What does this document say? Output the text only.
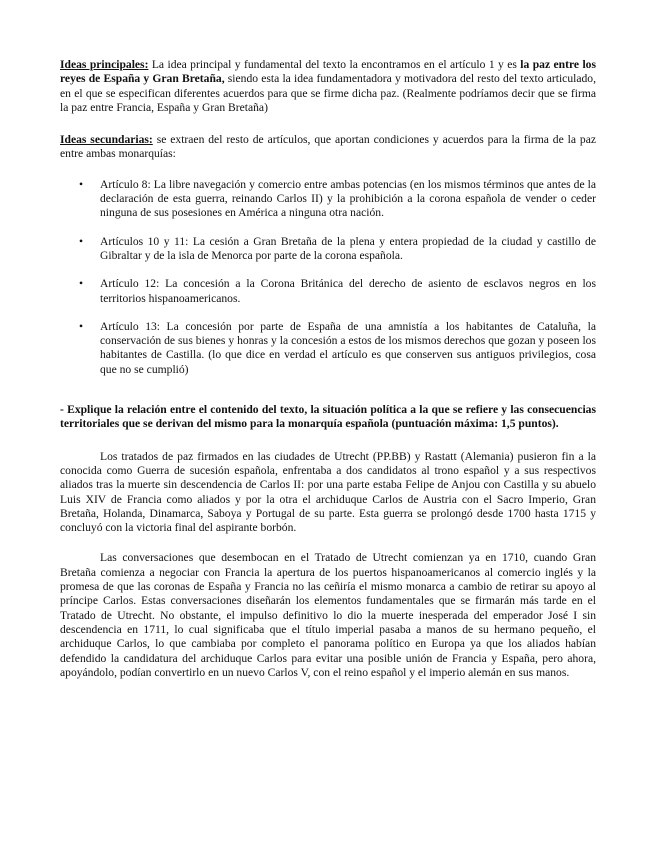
Ideas principales: La idea principal y fundamental del texto la encontramos en el artículo 1 y es la paz entre los reyes de España y Gran Bretaña, siendo esta la idea fundamentadora y motivadora del resto del texto articulado, en el que se especifican diferentes acuerdos para que se firme dicha paz. (Realmente podríamos decir que se firma la paz entre Francia, España y Gran Bretaña)

Ideas secundarias: se extraen del resto de artículos, que aportan condiciones y acuerdos para la firma de la paz entre ambas monarquías:

• Artículo 8: La libre navegación y comercio entre ambas potencias (en los mismos términos que antes de la declaración de esta guerra, reinando Carlos II) y la prohibición a la corona española de vender o ceder ninguna de sus posesiones en América a ninguna otra nación.
• Artículos 10 y 11: La cesión a Gran Bretaña de la plena y entera propiedad de la ciudad y castillo de Gibraltar y de la isla de Menorca por parte de la corona española.
• Artículo 12: La concesión a la Corona Británica del derecho de asiento de esclavos negros en los territorios hispanoamericanos.
• Artículo 13: La concesión por parte de España de una amnistía a los habitantes de Cataluña, la conservación de sus bienes y honras y la concesión a estos de los mismos derechos que gozan y poseen los habitantes de Castilla. (lo que dice en verdad el artículo es que conserven sus antiguos privilegios, cosa que no se cumplió)

- Explique la relación entre el contenido del texto, la situación política a la que se refiere y las consecuencias territoriales que se derivan del mismo para la monarquía española (puntuación máxima: 1,5 puntos).

Los tratados de paz firmados en las ciudades de Utrecht (PP.BB) y Rastatt (Alemania) pusieron fin a la conocida como Guerra de sucesión española, enfrentaba a dos candidatos al trono español y a sus respectivos aliados tras la muerte sin descendencia de Carlos II: por una parte estaba Felipe de Anjou con Castilla y su abuelo Luis XIV de Francia como aliados y por la otra el archiduque Carlos de Austria con el Sacro Imperio, Gran Bretaña, Holanda, Dinamarca, Saboya y Portugal de su parte. Esta guerra se prolongó desde 1700 hasta 1715 y concluyó con la victoria final del aspirante borbón.

Las conversaciones que desembocan en el Tratado de Utrecht comienzan ya en 1710, cuando Gran Bretaña comienza a negociar con Francia la apertura de los puertos hispanoamericanos al comercio inglés y la promesa de que las coronas de España y Francia no las ceñiría el mismo monarca a cambio de retirar su apoyo al príncipe Carlos. Estas conversaciones diseñarán los elementos fundamentales que se firmarán más tarde en el Tratado de Utrecht. No obstante, el impulso definitivo lo dio la muerte inesperada del emperador José I sin descendencia en 1711, lo cual significaba que el título imperial pasaba a manos de su hermano pequeño, el archiduque Carlos, lo que cambiaba por completo el panorama político en Europa ya que los aliados habían defendido la candidatura del archiduque Carlos para evitar una posible unión de Francia y España, pero ahora, apoyándolo, podían convertirlo en un nuevo Carlos V, con el reino español y el imperio alemán en sus manos.
